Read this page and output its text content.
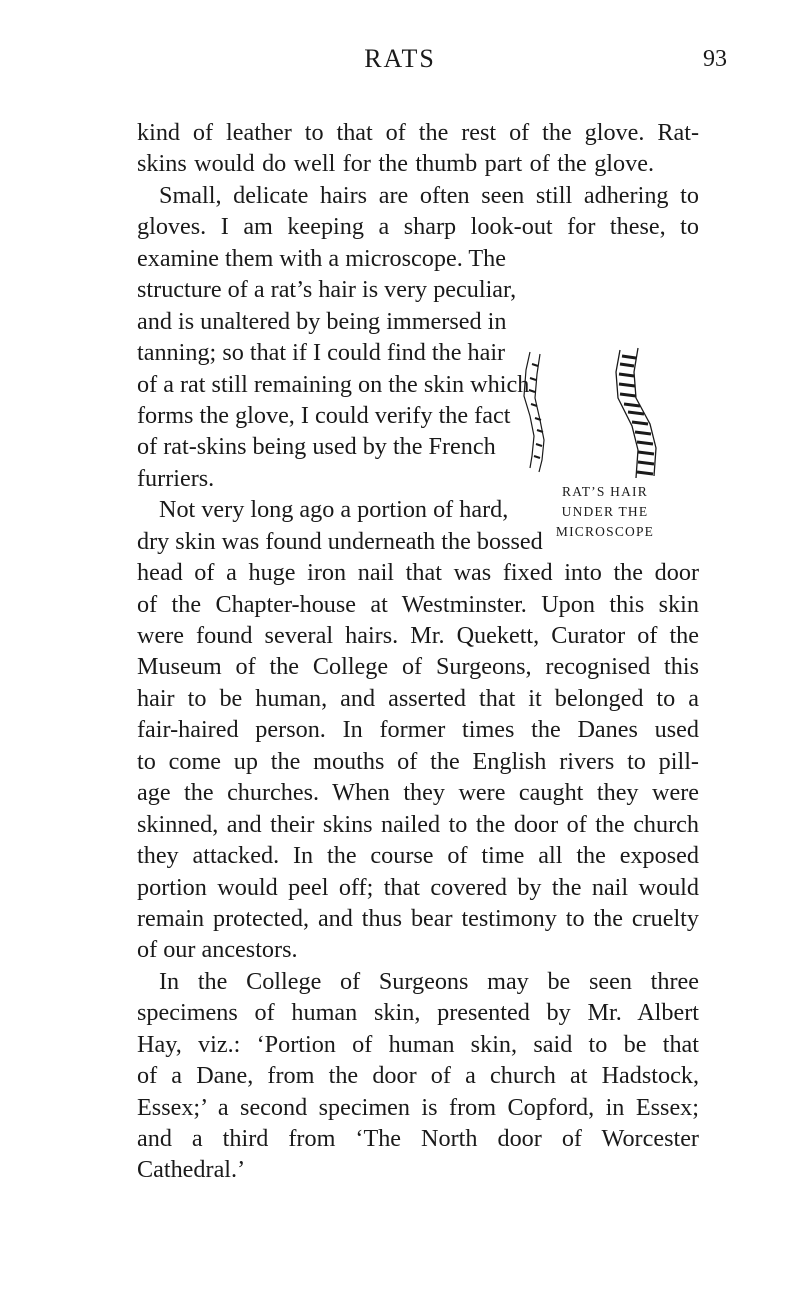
RATS	93
kind of leather to that of the rest of the glove. Rat-
skins would do well for the thumb part of the glove.
Small, delicate hairs are often seen still adhering to
gloves. I am keeping a sharp look-out for these, to
examine them with a microscope. The
structure of a rat’s hair is very peculiar,
and is unaltered by being immersed in
tanning; so that if I could find the hair
of a rat still remaining on the skin which
forms the glove, I could verify the fact
of rat-skins being used by the French
furriers.
Not very long ago a portion of hard,
dry skin was found underneath the bossed
head of a huge iron nail that was fixed into the door
of the Chapter-house at Westminster. Upon this skin
were found several hairs. Mr. Quekett, Curator of the
Museum of the College of Surgeons, recognised this
hair to be human, and asserted that it belonged to a
fair-haired person. In former times the Danes used
to come up the mouths of the English rivers to pill-
age the churches. When they were caught they were
skinned, and their skins nailed to the door of the church
they attacked. In the course of time all the exposed
portion would peel off; that covered by the nail would
remain protected, and thus bear testimony to the cruelty
of our ancestors.
In the College of Surgeons may be seen three
specimens of human skin, presented by Mr. Albert
Hay, viz.: ‘Portion of human skin, said to be that
of a Dane, from the door of a church at Hadstock,
Essex;’ a second specimen is from Copford, in Essex;
and a third from ‘The North door of Worcester
Cathedral.’
RAT’S HAIR
UNDER THE
MICROSCOPE
